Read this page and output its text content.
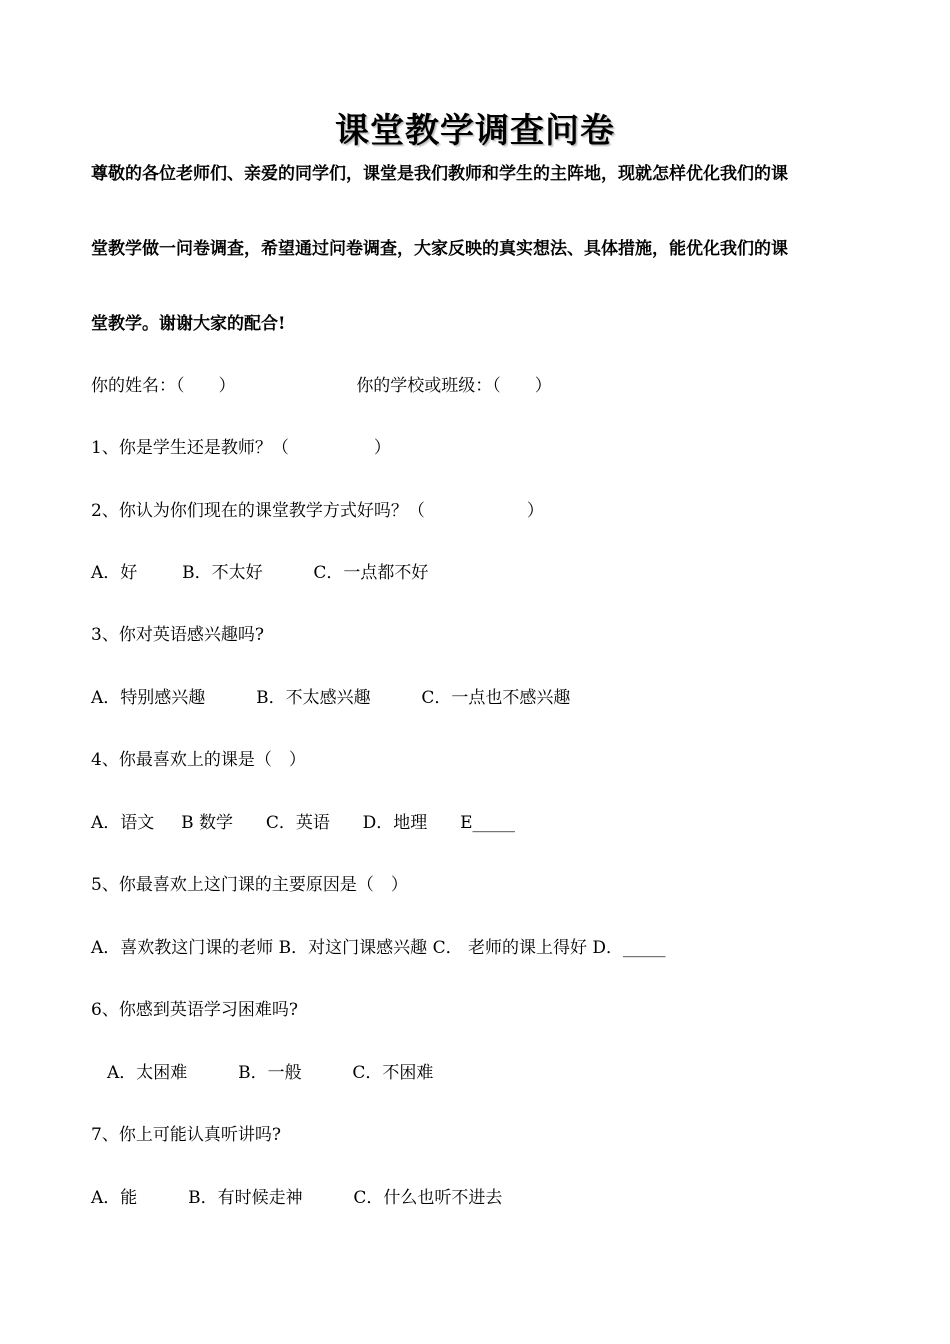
课堂教学调查问卷
尊敬的各位老师们、亲爱的同学们，课堂是我们教师和学生的主阵地，现就怎样优化我们的课
堂教学做一问卷调查，希望通过问卷调查，大家反映的真实想法、具体措施，能优化我们的课
堂教学。谢谢大家的配合!
你的姓名：（　　）	你的学校或班级：（　　）
1、你是学生还是教师？（　　　　　）
2、你认为你们现在的课堂教学方式好吗？（　　　　　　）
A．好	B．不太好	C．一点都不好
3、你对英语感兴趣吗?
A．特别感兴趣	B．不太感兴趣	C．一点也不感兴趣
4、你最喜欢上的课是（　）
A．语文 B 数学 C．英语 D．地理 E_____
5、你最喜欢上这门课的主要原因是（　）
A．喜欢教这门课的老师 B．对这门课感兴趣 C． 老师的课上得好 D．_____
6、你感到英语学习困难吗?
A．太困难	B．一般	C．不困难
7、你上可能认真听讲吗?
A．能	B．有时候走神	C．什么也听不进去
